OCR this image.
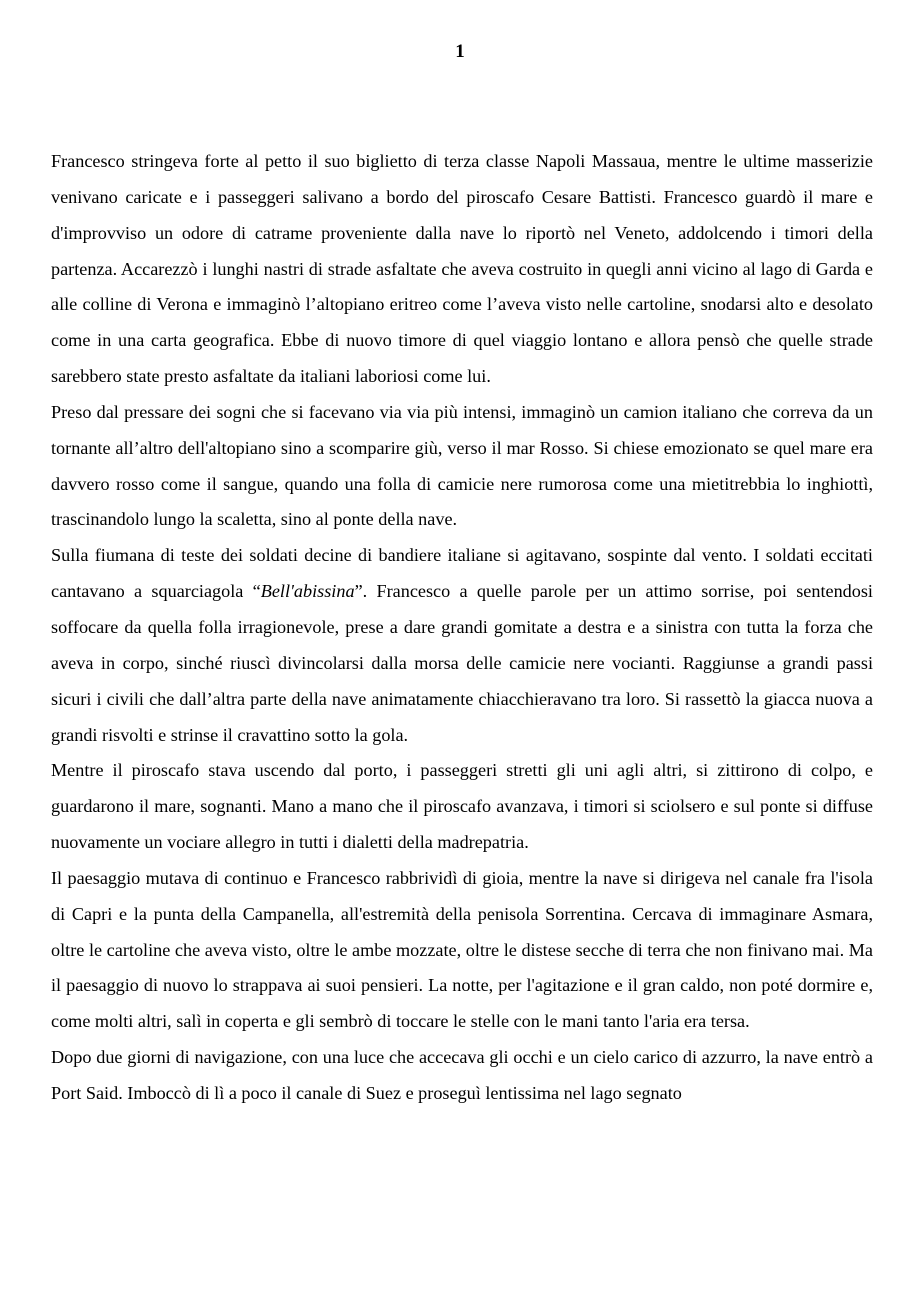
1

Francesco stringeva forte al petto il suo biglietto di terza classe Napoli Massaua, mentre le ultime masserizie venivano caricate e i passeggeri salivano a bordo del piroscafo Cesare Battisti. Francesco guardò il mare e d'improvviso un odore di catrame proveniente dalla nave lo riportò nel Veneto, addolcendo i timori della partenza. Accarezzò i lunghi nastri di strade asfaltate che aveva costruito in quegli anni vicino al lago di Garda e alle colline di Verona e immaginò l’altopiano eritreo come l’aveva visto nelle cartoline, snodarsi alto e desolato come in una carta geografica. Ebbe di nuovo timore di quel viaggio lontano e allora pensò che quelle strade sarebbero state presto asfaltate da italiani laboriosi come lui.

Preso dal pressare dei sogni che si facevano via via più intensi, immaginò un camion italiano che correva da un tornante all’altro dell'altopiano sino a scomparire giù, verso il mar Rosso. Si chiese emozionato se quel mare era davvero rosso come il sangue, quando una folla di camicie nere rumorosa come una mietitrebbia lo inghiottì, trascinandolo lungo la scaletta, sino al ponte della nave.

Sulla fiumana di teste dei soldati decine di bandiere italiane si agitavano, sospinte dal vento. I soldati eccitati cantavano a squarciagola “Bell'abissina”. Francesco a quelle parole per un attimo sorrise, poi sentendosi soffocare da quella folla irragionevole, prese a dare grandi gomitate a destra e a sinistra con tutta la forza che aveva in corpo, sinché riuscì divincolarsi dalla morsa delle camicie nere vocianti. Raggiunse a grandi passi sicuri i civili che dall’altra parte della nave animatamente chiacchieravano tra loro. Si rassettò la giacca nuova a grandi risvolti e strinse il cravattino sotto la gola.

Mentre il piroscafo stava uscendo dal porto, i passeggeri stretti gli uni agli altri, si zittirono di colpo, e guardarono il mare, sognanti. Mano a mano che il piroscafo avanzava, i timori si sciolsero e sul ponte si diffuse nuovamente un vociare allegro in tutti i dialetti della madrepatria.

Il paesaggio mutava di continuo e Francesco rabbrividì di gioia, mentre la nave si dirigeva nel canale fra l'isola di Capri e la punta della Campanella, all'estremità della penisola Sorrentina. Cercava di immaginare Asmara, oltre le cartoline che aveva visto, oltre le ambe mozzate, oltre le distese secche di terra che non finivano mai. Ma il paesaggio di nuovo lo strappava ai suoi pensieri. La notte, per l'agitazione e il gran caldo, non poté dormire e, come molti altri, salì in coperta e gli sembrò di toccare le stelle con le mani tanto l'aria era tersa.

Dopo due giorni di navigazione, con una luce che accecava gli occhi e un cielo carico di azzurro, la nave entrò a Port Said. Imboccò di lì a poco il canale di Suez e proseguì lentissima nel lago segnato
